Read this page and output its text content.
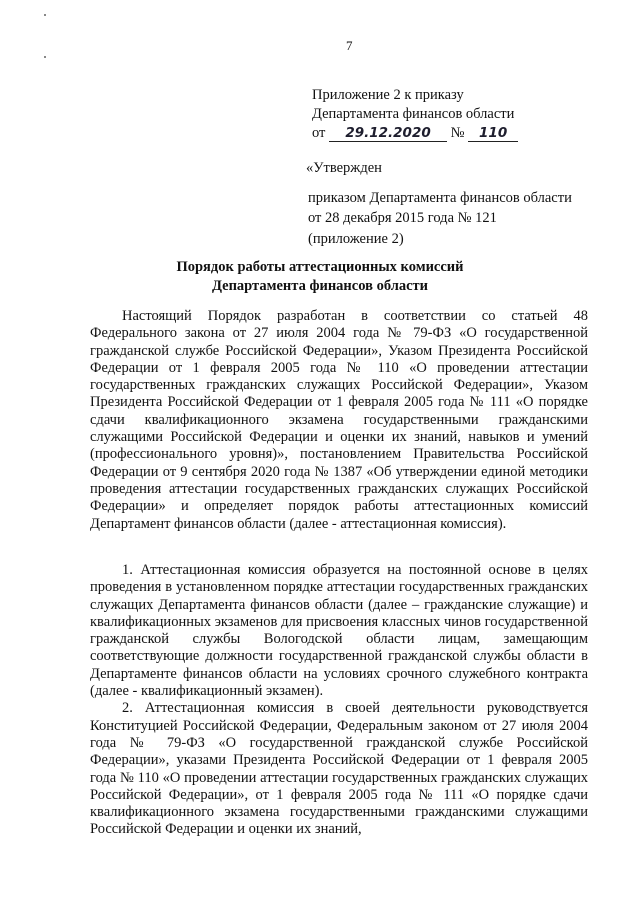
7
Приложение 2 к приказу
Департамента финансов области
от 29.12.2020 № 110
«Утвержден
приказом Департамента финансов области
от 28 декабря 2015 года № 121
(приложение 2)
Порядок работы аттестационных комиссий
Департамента финансов области

Настоящий Порядок разработан в соответствии со статьей 48 Федерального закона от 27 июля 2004 года № 79-ФЗ «О государственной гражданской службе Российской Федерации», Указом Президента Российской Федерации от 1 февраля 2005 года № 110 «О проведении аттестации государственных гражданских служащих Российской Федерации», Указом Президента Российской Федерации от 1 февраля 2005 года № 111 «О порядке сдачи квалификационного экзамена государственными гражданскими служащими Российской Федерации и оценки их знаний, навыков и умений (профессионального уровня)», постановлением Правительства Российской Федерации от 9 сентября 2020 года № 1387 «Об утверждении единой методики проведения аттестации государственных гражданских служащих Российской Федерации» и определяет порядок работы аттестационных комиссий Департамент финансов области (далее - аттестационная комиссия).

1. Аттестационная комиссия образуется на постоянной основе в целях проведения в установленном порядке аттестации государственных гражданских служащих Департамента финансов области (далее – гражданские служащие) и квалификационных экзаменов для присвоения классных чинов государственной гражданской службы Вологодской области лицам, замещающим соответствующие должности государственной гражданской службы области в Департаменте финансов области на условиях срочного служебного контракта (далее - квалификационный экзамен).

2. Аттестационная комиссия в своей деятельности руководствуется Конституцией Российской Федерации, Федеральным законом от 27 июля 2004 года № 79-ФЗ «О государственной гражданской службе Российской Федерации», указами Президента Российской Федерации от 1 февраля 2005 года № 110 «О проведении аттестации государственных гражданских служащих Российской Федерации», от 1 февраля 2005 года № 111 «О порядке сдачи квалификационного экзамена государственными гражданскими служащими Российской Федерации и оценки их знаний,
